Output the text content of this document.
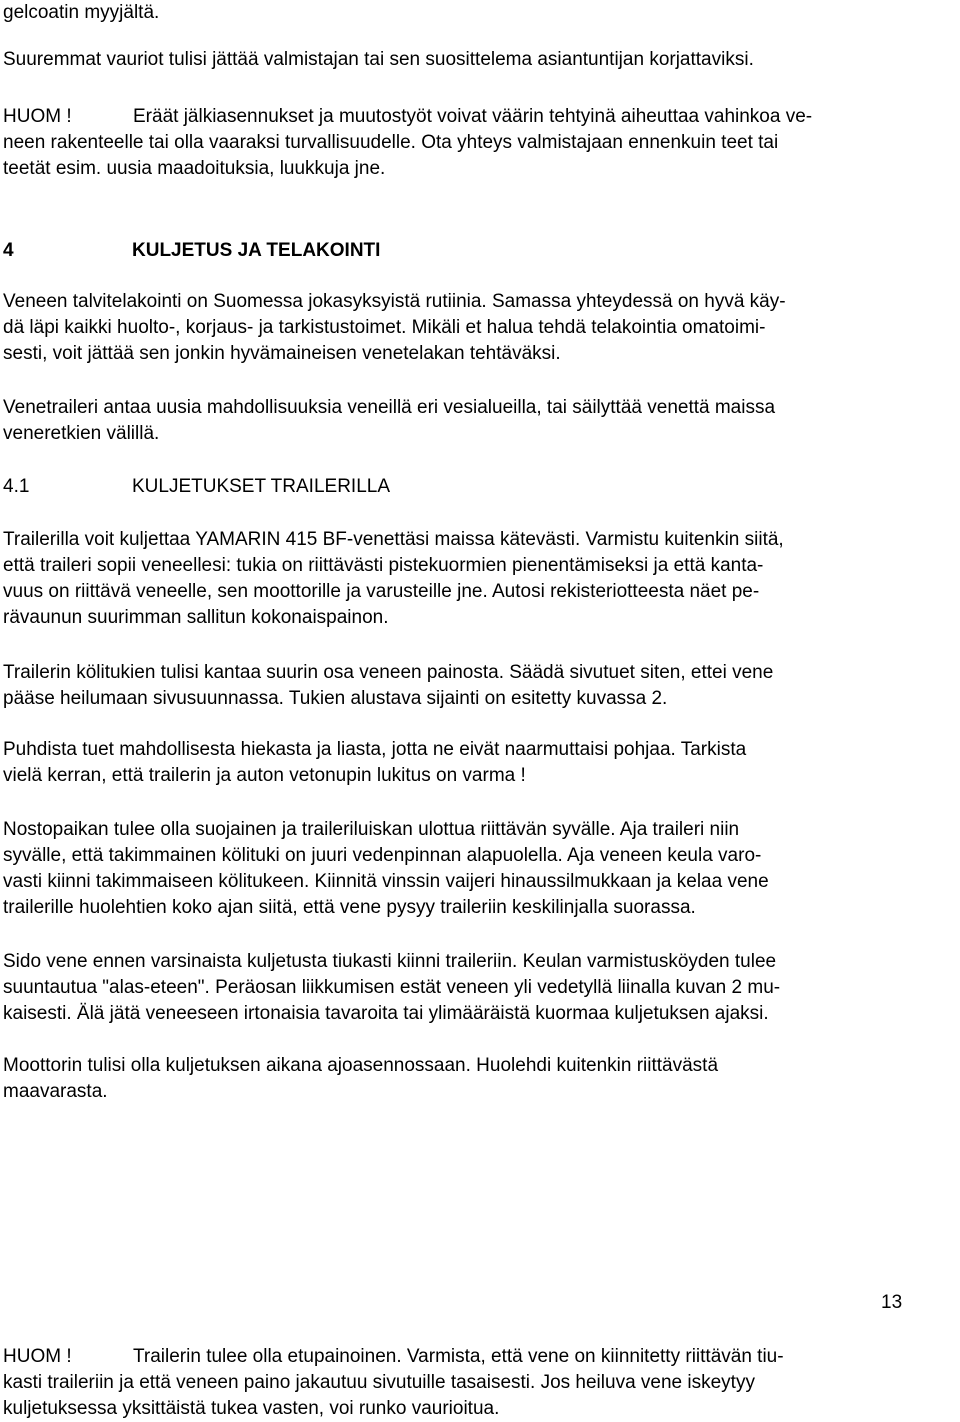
gelcoatin myyjältä.

Suuremmat vauriot tulisi jättää valmistajan tai sen suosittelema asiantuntijan korjattaviksi.

HUOM !	Eräät jälkiasennukset ja muutostyöt voivat väärin tehtyinä aiheuttaa vahinkoa ve-
neen rakenteelle tai olla vaaraksi turvallisuudelle. Ota yhteys valmistajaan ennenkuin teet tai
teetät esim. uusia maadoituksia, luukkuja jne.

4	KULJETUS JA TELAKOINTI

Veneen talvitelakointi on Suomessa jokasyksyistä rutiinia. Samassa yhteydessä on hyvä käy-
dä läpi kaikki huolto-, korjaus- ja tarkistustoimet. Mikäli et halua tehdä telakointia omatoimi-
sesti, voit jättää sen jonkin hyvämaineisen venetelakan tehtäväksi.

Venetraileri antaa uusia mahdollisuuksia veneillä eri vesialueilla, tai säilyttää venettä maissa
veneretkien välillä.

4.1	KULJETUKSET TRAILERILLA

Trailerilla voit kuljettaa YAMARIN 415 BF-venettäsi maissa kätevästi. Varmistu kuitenkin siitä,
että traileri sopii veneellesi: tukia on riittävästi pistekuormien pienentämiseksi ja että kanta-
vuus on riittävä veneelle, sen moottorille ja varusteille jne. Autosi rekisteriotteesta näet pe-
rävaunun suurimman sallitun kokonaispainon.

Trailerin kölitukien tulisi kantaa suurin osa veneen painosta. Säädä sivutuet siten, ettei vene
pääse heilumaan sivusuunnassa. Tukien alustava sijainti on esitetty kuvassa 2.

Puhdista tuet mahdollisesta hiekasta ja liasta, jotta ne eivät naarmuttaisi pohjaa. Tarkista
vielä kerran, että trailerin ja auton vetonupin lukitus on varma !

Nostopaikan tulee olla suojainen ja traileriluiskan ulottua riittävän syvälle. Aja traileri niin
syvälle, että takimmainen kölituki on juuri vedenpinnan alapuolella. Aja veneen keula varo-
vasti kiinni takimmaiseen kölitukeen. Kiinnitä vinssin vaijeri hinaussilmukkaan ja kelaa vene
trailerille huolehtien koko ajan siitä, että vene pysyy traileriin keskilinjalla suorassa.

Sido vene ennen varsinaista kuljetusta tiukasti kiinni traileriin. Keulan varmistusköyden tulee
suuntautua "alas-eteen". Peräosan liikkumisen estät veneen yli vedetyllä liinalla kuvan 2 mu-
kaisesti. Älä jätä veneeseen irtonaisia tavaroita tai ylimääräistä kuormaa kuljetuksen ajaksi.

Moottorin tulisi olla kuljetuksen aikana ajoasennossaan. Huolehdi kuitenkin riittävästä
maavarasta.

HUOM !	Trailerin tulee olla etupainoinen. Varmista, että vene on kiinnitetty riittävän tiu-
kasti traileriin ja että veneen paino jakautuu sivutuille tasaisesti. Jos heiluva vene iskeytyy
kuljetuksessa yksittäistä tukea vasten, voi runko vaurioitua.

13
